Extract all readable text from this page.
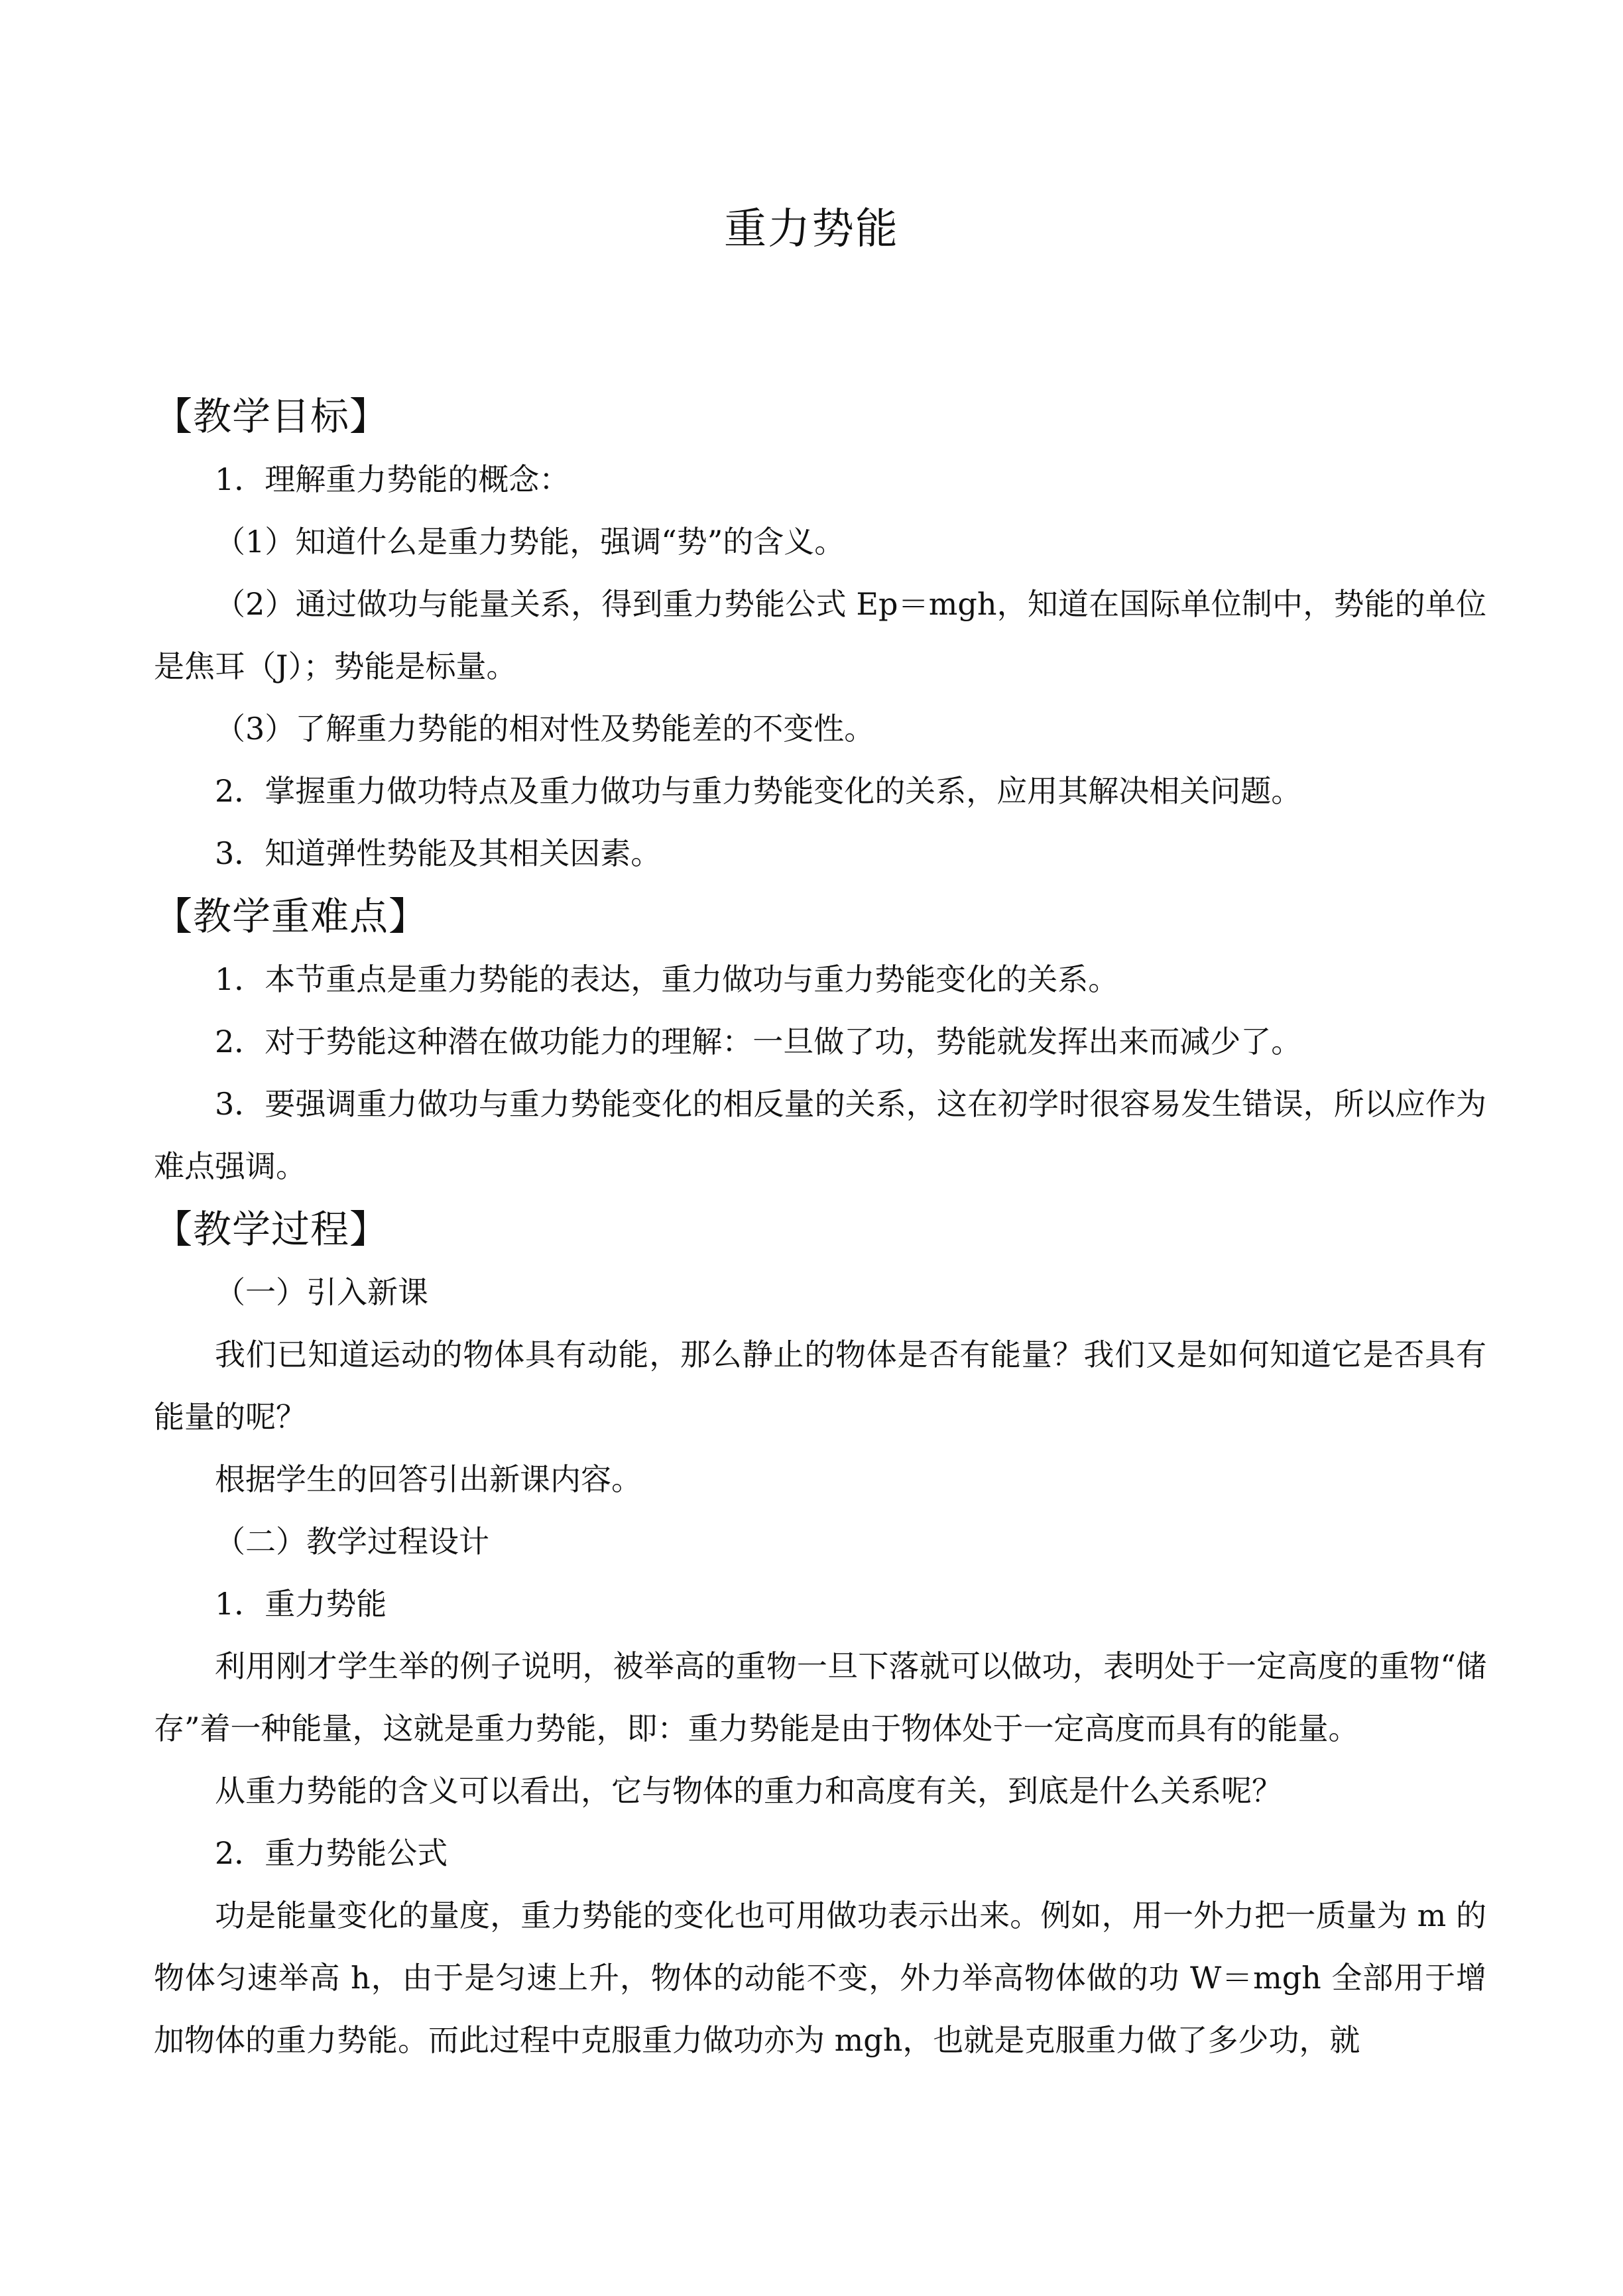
重力势能
【教学目标】
1．理解重力势能的概念：
（1）知道什么是重力势能，强调“势”的含义。
（2）通过做功与能量关系，得到重力势能公式 Ep＝mgh，知道在国际单位制中，势能的单位是焦耳（J）；势能是标量。
（3）了解重力势能的相对性及势能差的不变性。
2．掌握重力做功特点及重力做功与重力势能变化的关系，应用其解决相关问题。
3．知道弹性势能及其相关因素。
【教学重难点】
1．本节重点是重力势能的表达，重力做功与重力势能变化的关系。
2．对于势能这种潜在做功能力的理解：一旦做了功，势能就发挥出来而减少了。
3．要强调重力做功与重力势能变化的相反量的关系，这在初学时很容易发生错误，所以应作为难点强调。
【教学过程】
（一）引入新课
我们已知道运动的物体具有动能，那么静止的物体是否有能量？我们又是如何知道它是否具有能量的呢？
根据学生的回答引出新课内容。
（二）教学过程设计
1．重力势能
利用刚才学生举的例子说明，被举高的重物一旦下落就可以做功，表明处于一定高度的重物“储存”着一种能量，这就是重力势能，即：重力势能是由于物体处于一定高度而具有的能量。
从重力势能的含义可以看出，它与物体的重力和高度有关，到底是什么关系呢？
2．重力势能公式
功是能量变化的量度，重力势能的变化也可用做功表示出来。例如，用一外力把一质量为 m 的物体匀速举高 h，由于是匀速上升，物体的动能不变，外力举高物体做的功 W＝mgh 全部用于增加物体的重力势能。而此过程中克服重力做功亦为 mgh，也就是克服重力做了多少功，就
